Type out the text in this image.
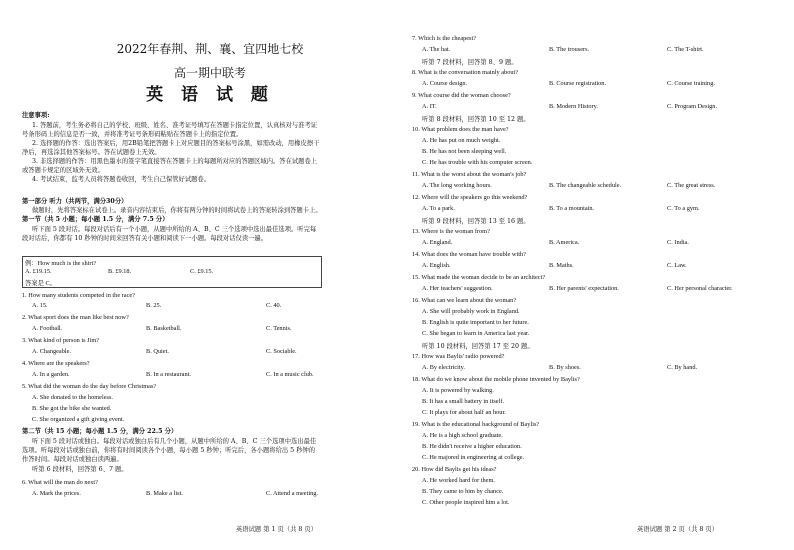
2022年春荆、荆、襄、宜四地七校
高一期中联考
英 语 试 题
注意事项:
1. 答题前，考生务必将自己的学校、班级、姓名、准考证号填写在答题卡指定位置，认真核对与准考证
号条形码上的信息是否一致，并将准考证号条形码粘贴在答题卡上的指定位置。
2. 选择题的作答：选出答案后，用2B铅笔把答题卡上对应题目的答案标号涂黑，如需改动，用橡皮擦干
净后，再选涂其他答案标号。答在试题卷上无效。
3. 非选择题的作答：用黑色墨水的签字笔直接答在答题卡上的每题所对应的答题区域内。答在试题卷上
或答题卡规定的区域外无效。
4. 考试结束，监考人员将答题卷收回，考生自己保管好试题卷。
第一部分 听力（共两节，满分30分）
做题时，先将答案标在试卷上。录音内容结束后，你将有两分钟的时间将试卷上的答案转涂到答题卡上。
第一节（共 5 小题；每小题 1.5 分，满分 7.5 分）
听下面 5 段对话。每段对话后有一个小题，从题中所给的 A、B、C 三个选项中选出最佳选项。听完每
段对话后，你都有 10 秒钟的时间来回答有关小题和阅读下一小题。每段对话仅读一遍。
例：How much is the shirt?
A. £19.15.	B. £9.18.	C. £9.15.
答案是 C。
1. How many students competed in the race?
A. 15.	B. 25.	C. 40.
2. What sport does the man like best now?
A. Football.	B. Basketball.	C. Tennis.
3. What kind of person is Jim?
A. Changeable.	B. Quiet.	C. Sociable.
4. Where are the speakers?
A. In a garden.	B. In a restaurant.	C. In a music club.
5. What did the woman do the day before Christmas?
A. She donated to the homeless.
B. She got the bike she wanted.
C. She organized a gift giving event.
第二节（共 15 小题；每小题 1.5 分，满分 22.5 分）
听下面 5 段对话或独白。每段对话或独白后有几个小题，从题中所给的 A、B、C 三个选项中选出最佳
选项。听每段对话或独白前，你将有时间阅读各个小题，每小题 5 秒钟；听完后，各小题将给出 5 秒钟的
作答时间。每段对话或独白读两遍。
听第 6 段材料，回答第 6、7 题。
6. What will the man do next?
A. Mark the prices.	B. Make a list.	C. Attend a meeting.
英语试题 第 1 页（共 8 页）
7. Which is the cheapest?
A. The hat.	B. The trousers.	C. The T-shirt.
听第 7 段材料，回答第 8、9 题。
8. What is the conversation mainly about?
A. Course design.	B. Course registration.	C. Course training.
9. What course did the woman choose?
A. IT.	B. Modern History.	C. Program Design.
听第 8 段材料，回答第 10 至 12 题。
10. What problem does the man have?
A. He has put on much weight.
B. He has not been sleeping well.
C. He has trouble with his computer screen.
11. What is the worst about the woman's job?
A. The long working hours.	B. The changeable schedule.	C. The great stress.
12. Where will the speakers go this weekend?
A. To a park.	B. To a mountain.	C. To a gym.
听第 9 段材料，回答第 13 至 16 题。
13. Where is the woman from?
A. England.	B. America.	C. India.
14. What does the woman have trouble with?
A. English.	B. Maths.	C. Law.
15. What made the woman decide to be an architect?
A. Her teachers' suggestion.	B. Her parents' expectation.	C. Her personal character.
16. What can we learn about the woman?
A. She will probably work in England.
B. English is quite important to her future.
C. She began to learn in America last year.
听第 10 段材料，回答第 17 至 20 题。
17. How was Baylis' radio powered?
A. By electricity.	B. By shoes.	C. By hand.
18. What do we know about the mobile phone invented by Baylis?
A. It is powered by walking.
B. It has a small battery in itself.
C. It plays for about half an hour.
19. What is the educational background of Baylis?
A. He is a high school graduate.
B. He didn't receive a higher education.
C. He majored in engineering at college.
20. How did Baylis get his ideas?
A. He worked hard for them.
B. They came to him by chance.
C. Other people inspired him a lot.
英语试题 第 2 页（共 8 页）
